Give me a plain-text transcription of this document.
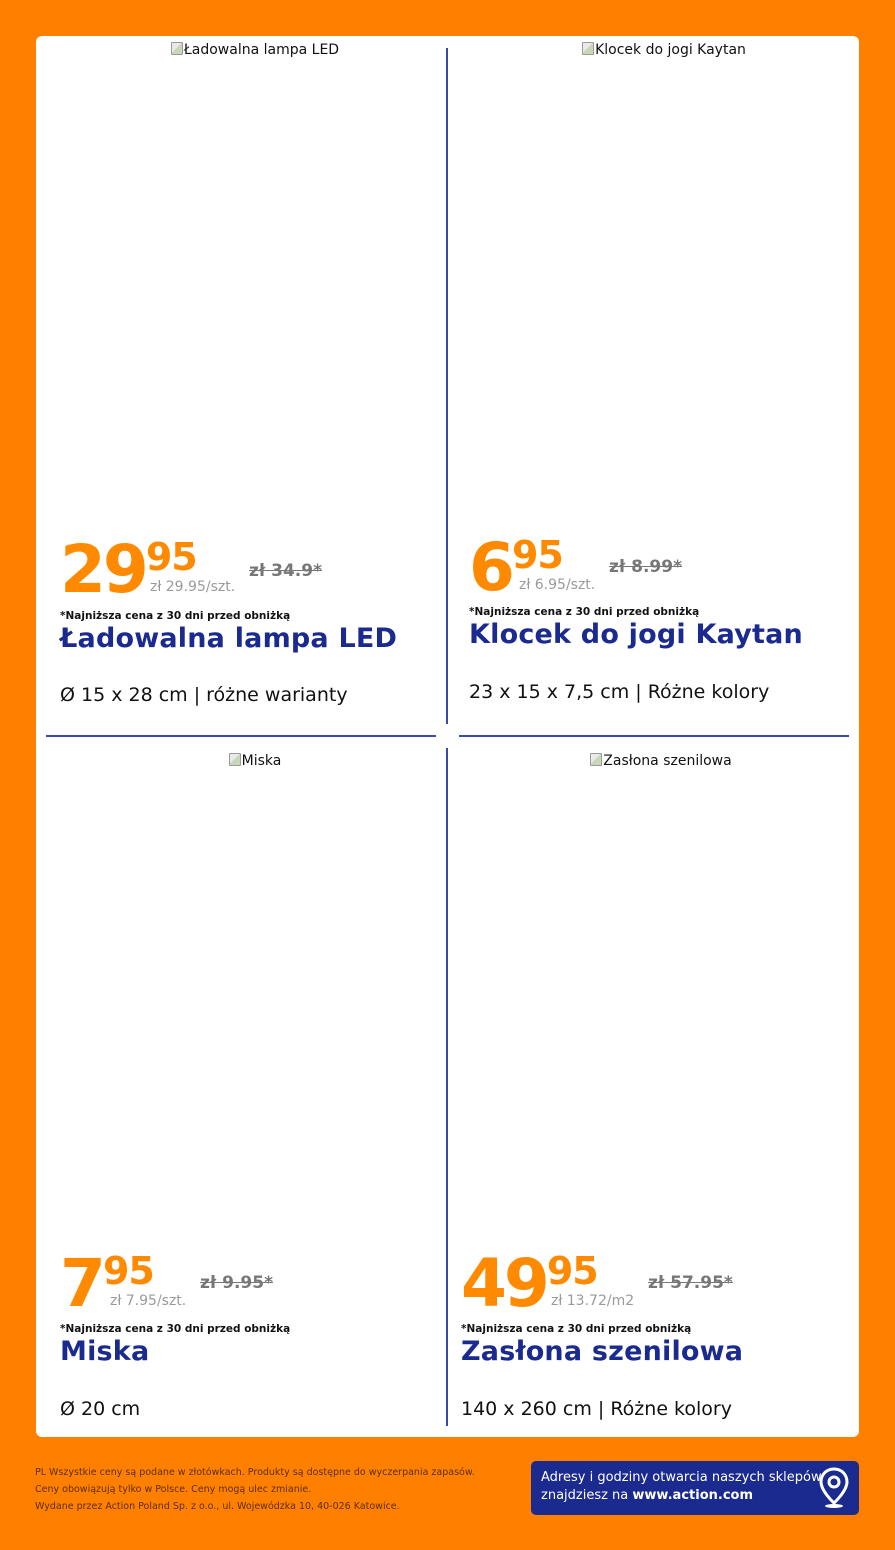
Ładowalna lampa LED
2995
zł 29.95/szt.
zł 34.9*
*Najniższa cena z 30 dni przed obniżką
Ładowalna lampa LED
Ø 15 x 28 cm | różne warianty
Klocek do jogi Kaytan
695
zł 6.95/szt.
zł 8.99*
*Najniższa cena z 30 dni przed obniżką
Klocek do jogi Kaytan
23 x 15 x 7,5 cm | Różne kolory
Miska
795
zł 7.95/szt.
zł 9.95*
*Najniższa cena z 30 dni przed obniżką
Miska
Ø 20 cm
Zasłona szenilowa
4995
zł 13.72/m2
zł 57.95*
*Najniższa cena z 30 dni przed obniżką
Zasłona szenilowa
140 x 260 cm | Różne kolory
PL Wszystkie ceny są podane w złotówkach. Produkty są dostępne do wyczerpania zapasów.
Ceny obowiązują tylko w Polsce. Ceny mogą ulec zmianie.
Wydane przez Action Poland Sp. z o.o., ul. Wojewódzka 10, 40-026 Katowice.
Adresy i godziny otwarcia naszych sklepów
znajdziesz na www.action.com
